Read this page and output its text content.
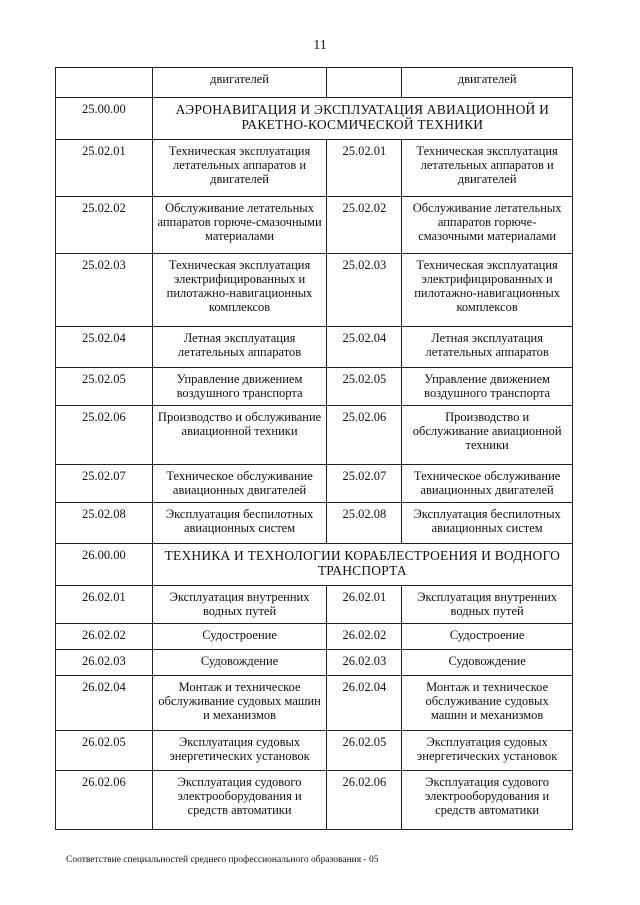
11
	двигателей		двигателей
25.00.00	АЭРОНАВИГАЦИЯ И ЭКСПЛУАТАЦИЯ АВИАЦИОННОЙ И РАКЕТНО-КОСМИЧЕСКОЙ ТЕХНИКИ		
25.02.01	Техническая эксплуатация летательных аппаратов и двигателей	25.02.01	Техническая эксплуатация летательных аппаратов и двигателей
25.02.02	Обслуживание летательных аппаратов горюче-смазочными материалами	25.02.02	Обслуживание летательных аппаратов горюче-смазочными материалами
25.02.03	Техническая эксплуатация электрифицированных и пилотажно-навигационных комплексов	25.02.03	Техническая эксплуатация электрифицированных и пилотажно-навигационных комплексов
25.02.04	Летная эксплуатация летательных аппаратов	25.02.04	Летная эксплуатация летательных аппаратов
25.02.05	Управление движением воздушного транспорта	25.02.05	Управление движением воздушного транспорта
25.02.06	Производство и обслуживание авиационной техники	25.02.06	Производство и обслуживание авиационной техники
25.02.07	Техническое обслуживание авиационных двигателей	25.02.07	Техническое обслуживание авиационных двигателей
25.02.08	Эксплуатация беспилотных авиационных систем	25.02.08	Эксплуатация беспилотных авиационных систем
26.00.00	ТЕХНИКА И ТЕХНОЛОГИИ КОРАБЛЕСТРОЕНИЯ И ВОДНОГО ТРАНСПОРТА		
26.02.01	Эксплуатация внутренних водных путей	26.02.01	Эксплуатация внутренних водных путей
26.02.02	Судостроение	26.02.02	Судостроение
26.02.03	Судовождение	26.02.03	Судовождение
26.02.04	Монтаж и техническое обслуживание судовых машин и механизмов	26.02.04	Монтаж и техническое обслуживание судовых машин и механизмов
26.02.05	Эксплуатация судовых энергетических установок	26.02.05	Эксплуатация судовых энергетических установок
26.02.06	Эксплуатация судового электрооборудования и средств автоматики	26.02.06	Эксплуатация судового электрооборудования и средств автоматики
Соответствие специальностей среднего профессионального образования - 05
